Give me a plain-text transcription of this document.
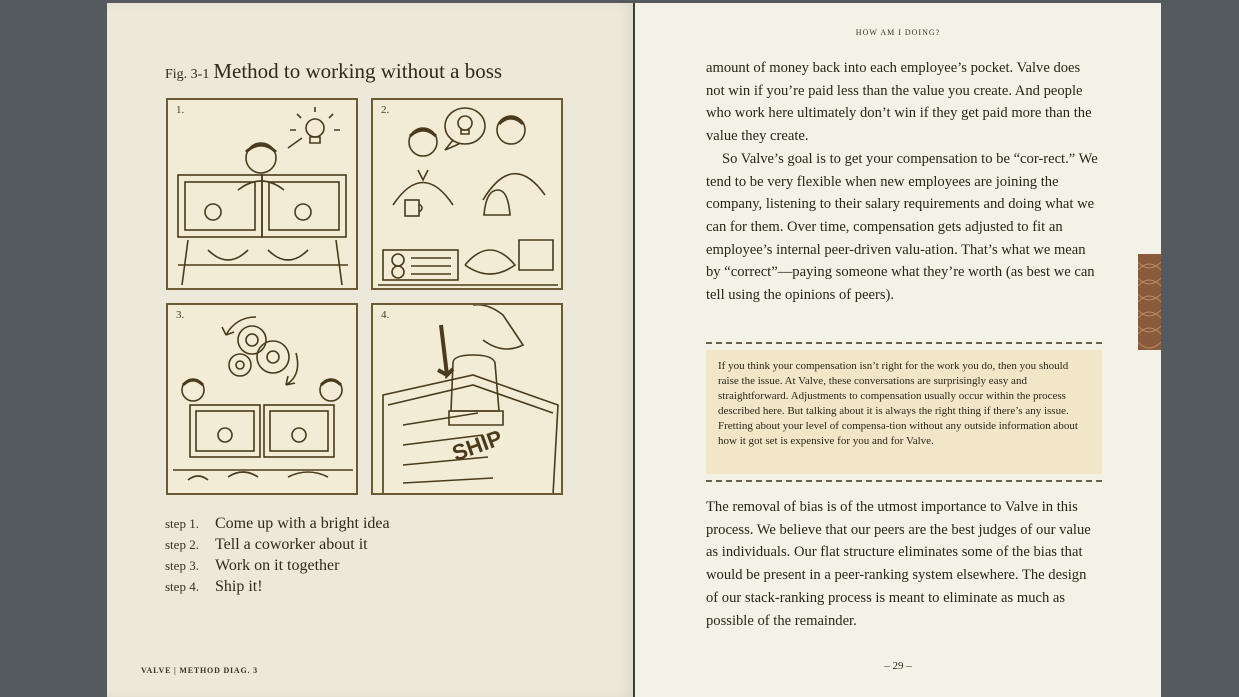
Fig. 3-1 Method to working without a boss
1.	2.
3.
SHIP
4.
step 1. Come up with a bright idea
step 2. Tell a coworker about it
step 3. Work on it together
step 4. Ship it!
VALVE | METHOD DIAG. 3
HOW AM I DOING?
amount of money back into each employee’s pocket. Valve does not win if you’re paid less than the value you create. And people who work here ultimately don’t win if they get paid more than the value they create.
So Valve’s goal is to get your compensation to be “cor-rect.” We tend to be very flexible when new employees are joining the company, listening to their salary requirements and doing what we can for them. Over time, compensation gets adjusted to fit an employee’s internal peer-driven valu-ation. That’s what we mean by “correct”—paying someone what they’re worth (as best we can tell using the opinions of peers).
If you think your compensation isn’t right for the work you do, then you should raise the issue. At Valve, these conversations are surprisingly easy and straightforward. Adjustments to compensation usually occur within the process described here. But talking about it is always the right thing if there’s any issue. Fretting about your level of compensa-tion without any outside information about how it got set is expensive for you and for Valve.
The removal of bias is of the utmost importance to Valve in this process. We believe that our peers are the best judges of our value as individuals. Our flat structure eliminates some of the bias that would be present in a peer-ranking system elsewhere. The design of our stack-ranking process is meant to eliminate as much as possible of the remainder.
– 29 –
